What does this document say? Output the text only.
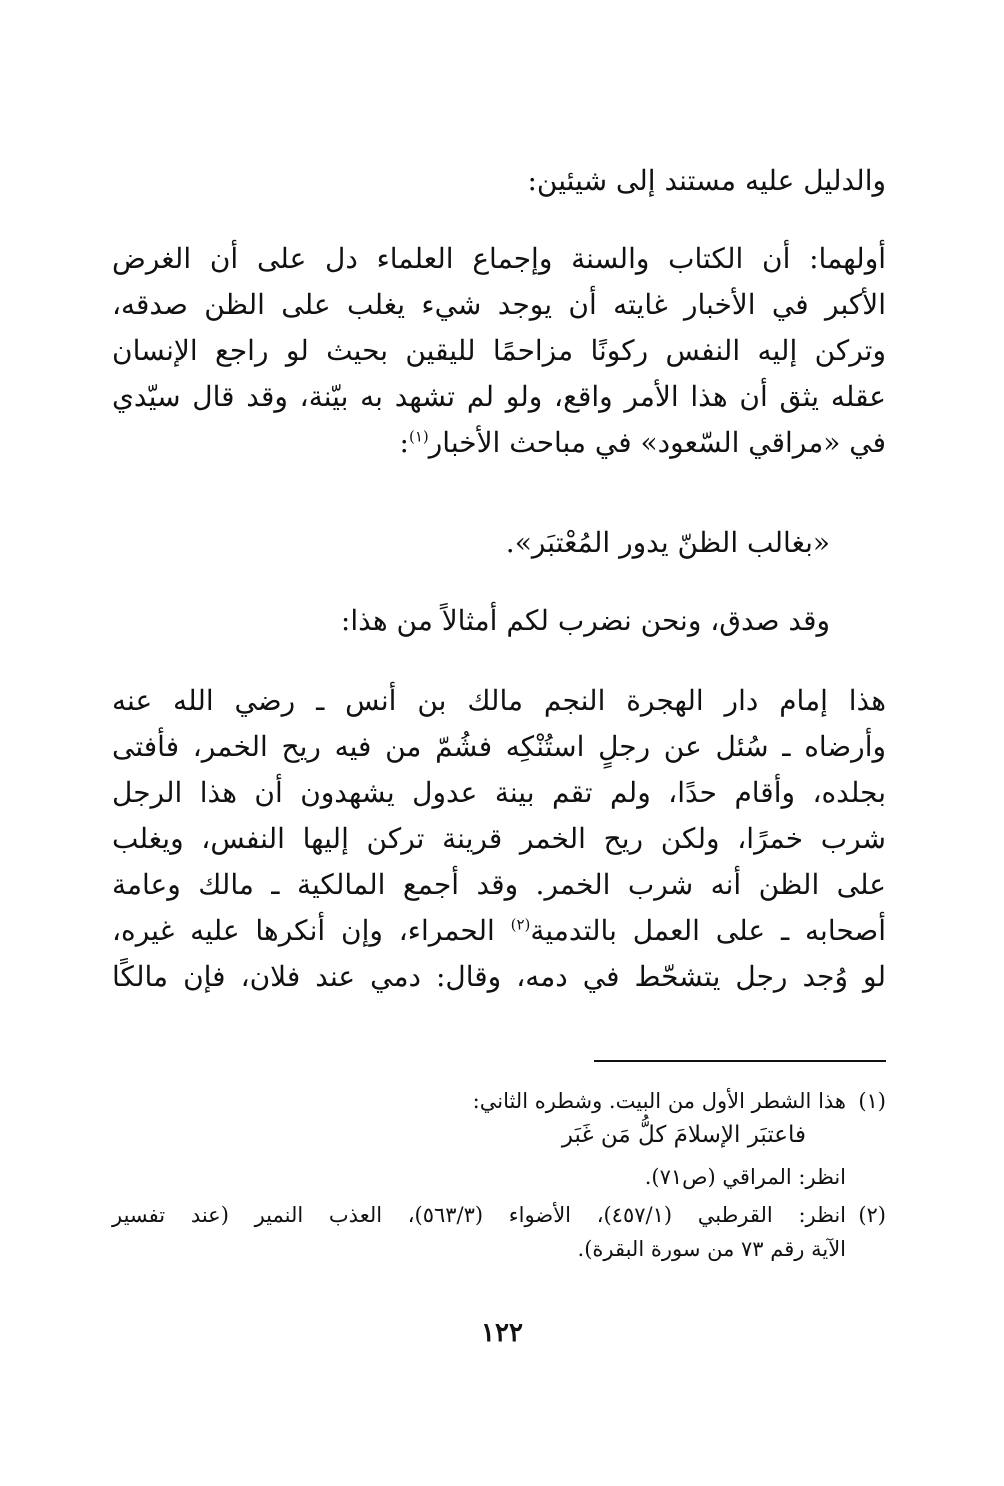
والدليل عليه مستند إلى شيئين:

أولهما: أن الكتاب والسنة وإجماع العلماء دل على أن الغرض
الأكبر في الأخبار غايته أن يوجد شيء يغلب على الظن صدقه،
وتركن إليه النفس ركونًا مزاحمًا لليقين بحيث لو راجع الإنسان
عقله يثق أن هذا الأمر واقع، ولو لم تشهد به بيّنة، وقد قال سيّدي
في «مراقي السّعود» في مباحث الأخبار$^{(١)}$:

«بغالب الظنّ يدور المُعْتبَر».
وقد صدق، ونحن نضرب لكم أمثالاً من هذا:

هذا إمام دار الهجرة النجم مالك بن أنس ـ رضي الله عنه
وأرضاه ـ سُئل عن رجلٍ استُنْكِه فشُمّ من فيه ريح الخمر، فأفتى
بجلده، وأقام حدًا، ولم تقم بينة عدول يشهدون أن هذا الرجل
شرب خمرًا، ولكن ريح الخمر قرينة تركن إليها النفس، ويغلب
على الظن أنه شرب الخمر. وقد أجمع المالكية ـ مالك وعامة
أصحابه ـ على العمل بالتدمية$^{(٢)}$ الحمراء، وإن أنكرها عليه غيره،
لو وُجد رجل يتشحّط في دمه، وقال: دمي عند فلان، فإن مالكًا

(١)
هذا الشطر الأول من البيت. وشطره الثاني:
فاعتبَر الإسلامَ كلُّ مَن غَبَر
انظر: المراقي (ص٧١).
(٢)
انظر: القرطبي (٤٥٧/١)، الأضواء (٥٦٣/٣)، العذب النمير (عند تفسير
الآية رقم ٧٣ من سورة البقرة).
١٢٢
